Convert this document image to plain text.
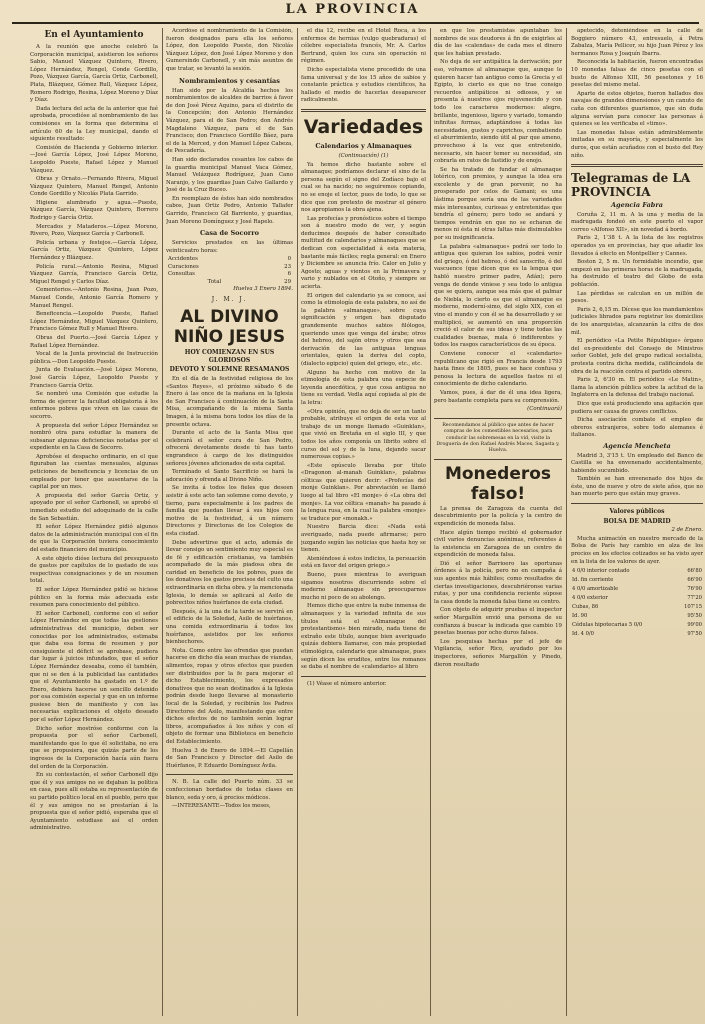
LA PROVINCIA
En el Ayuntamiento

A la reunión que anoche celebró la Corporación municipal, asistieron los señores Sabio, Manuel Vázquez Quintero, Rivero, López Hernández, Rengel, Conde Gordillo, Pozo, Vázquez García, García Ortiz, Carbonell, Plata, Blázquez, Gómez Rull, Vázquez López, Romero Rodrigo, Resina, López Moreno y Díaz y Díaz.

Dada lectura del acta de la anterior que fué aprobada, procedióse al nombramiento de las comisiones en la forma que determina el artículo 60 de la Ley municipal, dando el siguiente resultado:

Comisión de Hacienda y Gobierno interior.—José García López, José López Moreno, Leopoldo Pueste, Rafael López y Manuel Vázquez.

Obras y Ornato.—Fernando Rivera, Miguel Vázquez Quintero, Manuel Rengel, Antonio Conde Gordillo y Nicolás Plata Garrido.

Higiene alumbrado y agua.—Pueste, Vázquez García, Vázquez Quintero, Borrero Rodrigo y García Ortiz.

Mercados y Mataderos.—López Moreno, Rivero, Pozo, Vázquez García y Carbonell.

Policía urbana y festejos.—García López, García Ortiz, Vázquez Quintero, López Hernández y Blázquez.

Policía rural.—Antonio Resina, Miguel Vázquez García, Francisco García Ortiz, Miguel Rengel y Carlos Díaz.

Cementerios.—Antonio Resina, Juan Pozo, Manuel Conde, Antonio García Romero y Manuel Rengel.

Beneficencia.—Leopoldo Pueste, Rafael López Hernández, Miguel Vázquez Quintero, Francisco Gómez Rull y Manuel Rivero.

Obras del Puerto.—José García López y Rafael López Hernández.

Vocal de la Junta provincial de Instrucción pública.—Don Leopoldo Pueste.

Junta de Evaluación.—José López Moreno, José García López, Leopoldo Pueste y Francisco García Ortiz.

Se nombró una Comisión que estudie la forma de ejercer la facultad obligatoria á los enfermos pobres que viven en las casas de socorro.

A propuesta del señor López Hernández se nombró otra para estudiar la manera de subsanar algunas deficiencias notadas por el expediente en la Casa de Socorro.

Aprobóse el despacho ordinario, en el que figuraban las cuentas mensuales, algunas peticiones de beneficencia y licencias de un empleado por tener que ausentarse de la capital por un mes.

A propuesta del señor García Ortiz, y apoyado por el señor Carbonell, se aprobó el inmediato estudio del adoquinado de la calle de San Sebastián.

El señor López Hernández pidió algunos datos de la administración municipal con el fin de que la Corporación tuviera conocimiento del estado financiero del municipio.

A este objeto dióse lectura del presupuesto de gastos por capítulos de lo gastado de sus respectivas consignaciones y de un resumen total.

El señor López Hernández pidió se hiciese público en la forma más adecuada este resumen para conocimiento del público.

El señor Carbonell, conforme con el señor López Hernández en que todas las gestiones administrativas del municipio, deben ser conocidas por los administrados, estimaba que daba esa forma de resumen y por consiguiente el déficit se aprobase, pudiera dar lugar á juicios infundados, que el señor López Hernández deseaba, como él también, que ni se den á la publicidad las cantidades que el Ayuntamiento ha gastado en 1.º de Enero, debiera hacerse un sencillo detenido por esa comisión especial y que en un informe pusiese bien de manifiesto y con las necesarias explicaciones el objeto deseado por el señor López Hernández.

Dicho señor mostróse conforme con la propuesta por el señor Carbonell, manifestando que lo que él solicitaba, no era que se propusiera, que quizás parte de los ingresos de la Corporación hacía aún fuera del orden de la Corporación.

En su contestación, el señor Carbonell dijo que él y sus amigos no se dejaban la política en casa, pues allí estaba su representación de su partido político local en el pueblo, pero que él y sus amigos no se prestarían á la propuesta que el señor pidió, esperaba que el Ayuntamiento estudiase así el orden administrativo.

Acordóse el nombramiento de la Comisión, fueron designados para ella los señores López, don Leopoldo Pueste, don Nicolás Vázquez López, don José López Moreno y don Gumersindo Carbonell, y sin más asuntos de que tratar, se levantó la sesión.

Nombramientos y cesantías

Han sido por la Alcaldía hechos los nombramientos de alcaldes de barrios á favor de don José Pérez Aquino, para el distrito de la Concepción; don Antonio Hernández Vázquez, para el de San Pedro; don Andrés Magdaleno Vázquez, para el de San Francisco; don Francisco Gordillo Báez, para el de la Merced, y don Manuel López Cabeza, de Pescadería.

Han sido declarados cesantes los cabos de la guardia municipal Manuel Vaca Gómez, Manuel Velázquez Rodríguez, Juan Cano Naranjo, y los guardias Juan Calvo Gallardo y José de la Cruz Buceo.

En reemplazo de éstos han sido nombrados cabos, Juan Ortiz Pedro, Antonio Tallafer Garrido, Francisco Gil Barriento, y guardias, Juan Moreno Domínguez y José Rapelo.

Casa de Socorro

Servicios prestados en las últimas veinticuatro horas:

Accidentes	0
Curaciones	23
Consultas	6
Total	29

Huelva 3 Enero 1894.

J. M. J.
AL DIVINO NIÑO JESUS
HOY COMIENZAN EN SUS GLORIOSOS
DEVOTO Y SOLEMNE RESAMANOS

En el día de la festividad religiosa de los «Santos Reyes», el próximo sábado 6 de Enero á las once de la mañana en la Iglesia de San Francisco á continuación de la Santa Misa, acompañando de la misma Santa Imagen, á la misma hora todos los días de la presente octava.

Durante el acto de la Santa Misa que celebrará el señor cura de San Pedro, ofrecerá devotamente desde tú has tanto engrandece á cargo de los distinguidos señores jóvenes aficionados de esta capital.

Terminado el Santo Sacrificio se hará la adoración y ofrenda al Divino Niño.

Se invita á todos los fieles que deseen asistir á este acto tan solemne como devoto, y tierno, para especialmente á los padres de familia que puedan llevar á sus hijos con motivo de la festividad, á un número Directores y Directoras de los Colegios de esta ciudad.

Debe advertirse que el acto, además de llevar consigo un sentimiento muy especial es de fé y edificación cristianas, va también acompañado de la más piadosa obra de caridad en beneficio de los pobres, pues de los donativos los gastos precisos del culto una extraordinaria en dicha obra. y la mencionada Iglesia, lo demás se aplicará al Asilo de pobrecitos niños huérfanos de esta ciudad.

Después, á la una de la tarde se servirá en el edificio de la Soledad, Asilo de huérfanos, una comida extraordinaria á todos los huérfanos, asistidos por los señores bienhechores.

Nota. Como entre las ofrendas que puedan hacerse en dicho día sean muchas de viandas, alimentos, ropas y otros efectos que pueden ser distribuidos por la fe para mejorar el dicho Establecimiento, los expresados donativos que no sean destinados á la Iglesia podrán desde luego llevarse al monasterio local de la Soledad, y recibirán los Padres Directores del Asilo, manifestando que entre dichos efectos de no también serán lograr libros, acompañados á los niños y con el objeto de formar una Biblioteca en beneficio del Establecimiento.

Huelva 3 de Enero de 1894.—El Capellán de San Francisco y Director del Asilo de Huérfanos, P. Eduardo Domínguez Ávila.

N. B. La calle del Puerto núm. 33 se confeccionan bordados de todas clases en blanco, seda y oro, á precios módicos.

—INTERESANTE—Todos los meses,

el día 12, recibe en el Hotel Roca, á los enfermos de hernias (vulgo quebraduras) el célebre especialista francés, Mr. A. Carlos Bertrand, quien los cura sin operación ni régimen.

Dicho especialista viene precedido de una fama universal y de los 15 años de sabios y constante práctica y estudios científicos, ha hallado el medio de hacerlas desaparecer radicalmente.

Variedades
Calendarios y Almanaques

(Continuación) (1)

Ya hemos dicho bastante sobre el almanaque; podríamos declarar el sino de la persona según el signo del Zodíaco bajo el cual se ha nacido; no seguiremos copiando, no se enoje el lector, pues de todo, lo que se dice que con pretexto de mostrar el género nos apropiamos la obra ajena.

Las profecías y pronósticos sobre el tiempo son á nuestro modo de ver, y según deducimos después de haber consultado multitud de calendarios y almanaques que se dedican con especialidad á esta materia, bastante más fáciles; regla general: en Enero y Diciembre se anuncia frío. Calor en Julio y Agosto; aguas y vientos en la Primavera y vario y nublados en el Otoño, y siempre se acierta.

El origen del calendario ya se conoce, así como la etimología de esta palabra, no así de la palabra «almanaque», sobre cuya significación y origen han disputado grandemente muchos sabios filólogos, queriendo unos que venga del árabe; otros del hebreo, del sajón otros y otros que sea derivación de las antiguas lenguas orientales, quien la deriva del copto, (dialecto egipcio) quien del griego, etc., etc.

Alguno ha hecho con motivo de la etimología de esta palabra una especie de leyenda anecdótica, y que cosa antigua no tiene su verdad. Vedla aquí copiada al pie de la letra:

«Otra opinión, que no deja de ser un tanto probable, atribuye el origen de esta voz al trabajo de un monge llamado «Guinklan», que vivió en Bretaña en el siglo III, y que todos los años componía un librito sobre el curso del sol y de la luna, dejando sacar numerosas copias.»

«Este opúsculo llevaba por título «Dragonon al-manah Guinklan», palabras célticas que quieren decir: «Profecías del monje Guinklan». Por abreviación se llamó luego al tal libro «El monje» ó «La obra del monje». La voz céltica «manah» ha pasado á la lengua rusa, en la cual la palabra «monje» se traduce por «monakh.»

Nuestro Barcia dice: «Nada está averiguado, nada puede afirmarse; pero juzgando según las noticias que hasta hoy se tienen.

Ateniéndose á estos indicios, la persuación está en favor del origen griego.»

Bueno, pues mientras lo averiguan sigamos nosotros discurriendo sobre el moderno almanaque sin preocuparnos mucho ni poco de su abolengo.

Hemos dicho que entre la nube inmensa de almanaques y la variedad infinita de sus títulos está el «Almanaque del protestantismo» bien mirado, nada tiene de extraño este título, aunque bien averiguado quizás debiera llamarse, con más propiedad etimológica, calendario que almanaque, pues según dicen los eruditos, entre los romanos se daba el nombre de «calendario» al libro

(1) Véase el número anterior.

en que los prestamistas apuntaban los nombres de sus deudores á fin de exigirles al día de las «calendas» de cada mes el dinero que les habían prestado.

No deja de ser antipática la derivación; por eso, volvamos al almanaque que, aunque lo quieren hacer tan antiguo como la Grecia y el Egipto, lo cierto es que no trae consigo recuerdos antipáticos ni odiosos, y se presenta á nuestros ojos rejuvenecido y con todo los caracteres modernos: alegre, brillante, ingenioso, ligero y variado, tomando infinitas formas, adaptándose á todas las necesidades, gustos y caprichos, combatiendo el aburrimiento, siendo útil al par que ameno, provechoso á la vez que entretenido, necesario, sin hacer temer su necesidad, sin cobrarla en ratos de fastidio y de enojo.

Se ha tratado de fundar el almanaque lotérico, con premios, y aunque la idea era excelente y de gran porvenir, no ha prosperado por celos de Gamani; es una lástima porque sería una de las variedades más interesantes, curiosas y entretenidas que tendría el género; pero todo se andará y tiempos vendrán en que no se echaran de menos ni ésta ni otras faltas más disimulables por su insignificancia.

La palabra «almanaque» podrá ser todo lo antigua que quieran los sabios, podrá venir del griego, ó del hebreo, ó del sanscrito, ó del vascuence (que dicen que es la lengua que habló nuestro primer padre, Adán); pero venga de donde viniese y sea todo lo antigua que se quiera, aunque sea más que el palmar de Niebla, lo cierto es que el almanaque es moderno, moderní-simo, del siglo XIX, con el vino el mundo y con él se ha desarrollado y se multiplicó, se aumentó en una proporción creció el calor de sus ideas y tiene todas las cualidades buenas, mala ó indiferentes y todos los rasgos característicos de su época.

Conviene conocer el «calendario» republicano que rigió en Francia desde 1793 hasta fines de 1805, pues se hace confusa y penosa la lectura de aquellos fastos ni el conocimiento de dicho calendario.

Vamos, pues, á dar de él una idea ligera, pero bastante completa para su comprensión.

(Continuará)

Recomendamos al público que antes de hacer compras de los comestibles necesarios, para conducir las sobremesas en la vid, visite la Droguería de don Rafael Andrés Maces, Sagasta y, Huelva.

Monederos falso!

La prensa de Zaragoza da cuenta del descubrimiento por la policía y la centro de expendición de moneda falsa.

Hace algún tiempo recibió el gobernador civil varios denuncias anónimas, referentes á la existencia en Zaragoza de un centro de expendición de moneda falsa.

Dió el señor Barrioero las oportunas órdenes á la policía, pero no en campaña á sus agentes más hábiles; como resultados de ciertas investigaciones, descubriéronse varias rutas, y por una confidencia reciente súpose la casa donde la moneda falsa tiene su centro.

Con objeto de adquirir pruebas el inspector señor Margallón envió una persona de su confianza á buscar la indicada que cambio 19 pesetas buenas por ocho duros falsos.

Los pesquisas hechas por el jefe de Vigilancia, señor Rico, ayudado por los inspectores, señores Margallón y Pinedo, dieron resultado

apetecido, deteniéndose en la calle de Boggiero número 43, entresuelo, á Petra Zabalza, María Pellicer, su hijo Juan Pérez y los hermanos Rosa y Joaquín Ibarra.

Reconocida la habitación, fueron encontradas 10 monedas falsas de cinco pesetas con el busto de Alfonso XIII, 56 pesetones y 16 pesetas del mismo metal.

Aparte de estos objetos, fueron hallados dos navajas de grandes dimensiones y un canuto de caña con diferentes guarismos, que sin duda alguna servían para conocer las personas á quienes se les verificaba el «timo».

Las monedas falsas están admirablemente imitadas en su mayoría, y especialmente los duros, que están acuñados con el busto del Rey niño.

Telegramas de LA PROVINCIA
Agencia Fabra

Coruña 2, 11 m. A la una y media de la madrugada fondeó en este puerto el vapor correo «Alfonso XII», sin novedad á bordo.

Paris 2, 1'38 t. A la lista de los registros operados ya en provincias, hay que añadir los llevados á efecto en Montpellier y Cannes.

Boston 2, 5 m. Un formidable incendio, que empezó en las primeras horas de la madrugada, ha destruido el teatro del Globo de esta población.

Las pérdidas se calculan en un millón de pesos.

Paris 2, 6,15 m. Dícese que los mandamientos judiciales librados para registrar los domicilios de los anarquistas, alcanzarán la cifra de dos mil.

El periódico «La Petite République» órgano del ex-presidente del Consejo de Ministros señor Goblet, jefe del grupo radical socialista, protesta contra dicha medida, calificándola de obra de la reacción contra el partido obrero.

Paris 2, 6'30 m. El periódico «Le Matin», llama la atención pública sobre la actitud de la Inglaterra en la defensa del trabajo nacional.

Dice que está produciendo una agitación que pudiera ser causa de graves conflictos.

Dicha asociación combate el empleo de obreros extranjeros, sobre todo alemanes é italianos.

Agencia Mencheta

Madrid 3, 3'15 t. Un empleado del Banco de Castilla se ha envenenado accidentalmente, habiendo sucumbido.

También se han envenenado dos hijos de éste, uno de nueve y otro de siete años, que no han muerto pero que están muy graves.

Valores públicos
BOLSA DE MADRID

2 de Enero.

Mucha animación en nuestro mercado de la Bolsa de París hay cambio en alza de los precios en los efectos cotizados se ha visto ayer en la lista de los valores de ayer.

4 0/0 interior contado	66'80
Id. fin corriente	66'90
4 0/0 amortizable	76'90
4 0/0 exterior	77'20
Cubas, 86	107'15
Id. 90	95'50
Cédulas hipotecarias 5 0/0	99'00
Id. 4 0/0	97'50
